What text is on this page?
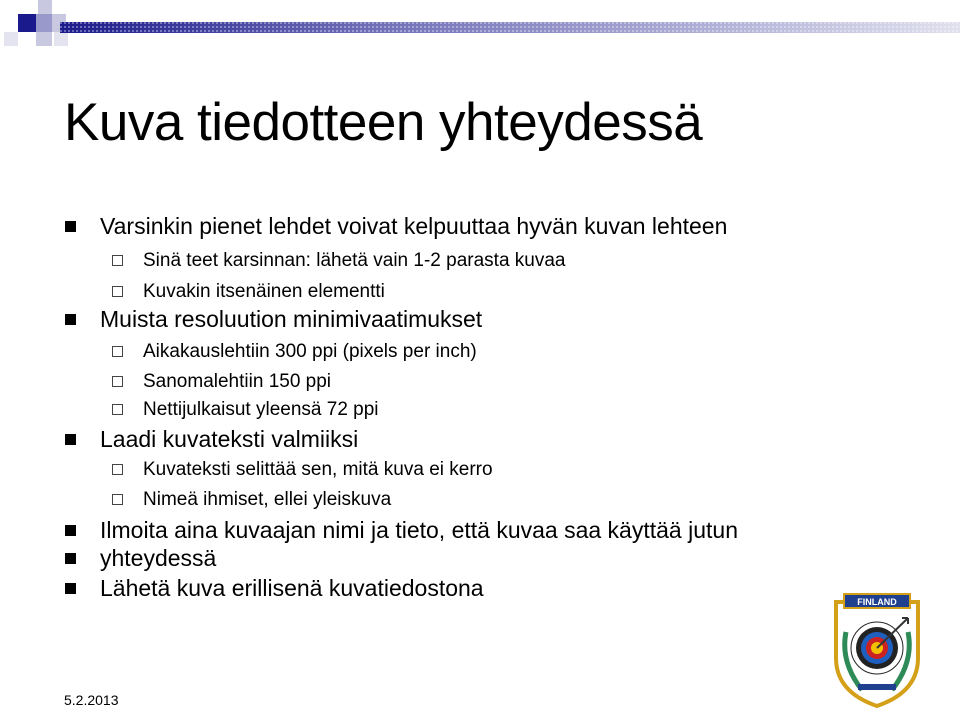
Kuva tiedotteen yhteydessä
Varsinkin pienet lehdet voivat kelpuuttaa hyvän kuvan lehteen
Sinä teet karsinnan: lähetä vain 1-2 parasta kuvaa
Kuvakin itsenäinen elementti
Muista resoluution minimivaatimukset
Aikakauslehtiin 300 ppi (pixels per inch)
Sanomalehtiin 150 ppi
Nettijulkaisut yleensä 72 ppi
Laadi kuvateksti valmiiksi
Kuvateksti selittää sen, mitä kuva ei kerro
Nimeä ihmiset, ellei yleiskuva
Ilmoita aina kuvaajan nimi ja tieto, että kuvaa saa käyttää jutun
yhteydessä
Lähetä kuva erillisenä kuvatiedostona
5.2.2013
FINLAND
